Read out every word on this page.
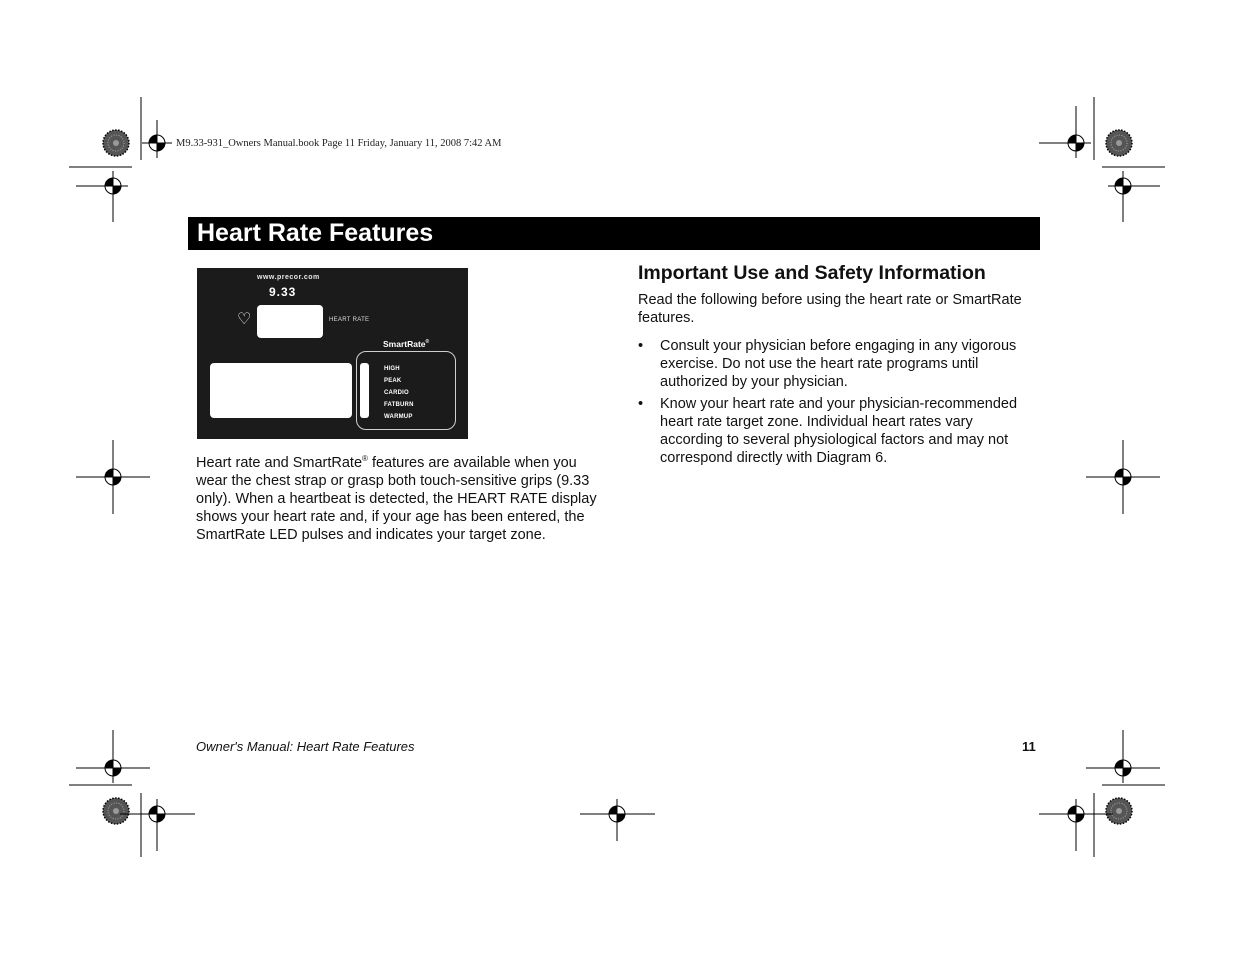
M9.33-931_Owners Manual.book Page 11 Friday, January 11, 2008 7:42 AM
Heart Rate Features
www.precor.com
9.33
♡	HEART RATE
SmartRate®
HIGH
PEAK
CARDIO
FATBURN
WARMUP

Heart rate and SmartRate® features are available when you wear the chest strap or grasp both touch-sensitive grips (9.33 only). When a heartbeat is detected, the HEART RATE display shows your heart rate and, if your age has been entered, the SmartRate LED pulses and indicates your target zone.

Important Use and Safety Information

Read the following before using the heart rate or SmartRate features.

• Consult your physician before engaging in any vigorous exercise. Do not use the heart rate programs until authorized by your physician.
• Know your heart rate and your physician-recommended heart rate target zone. Individual heart rates vary according to several physiological factors and may not correspond directly with Diagram 6.
Owner's Manual: Heart Rate Features	11
